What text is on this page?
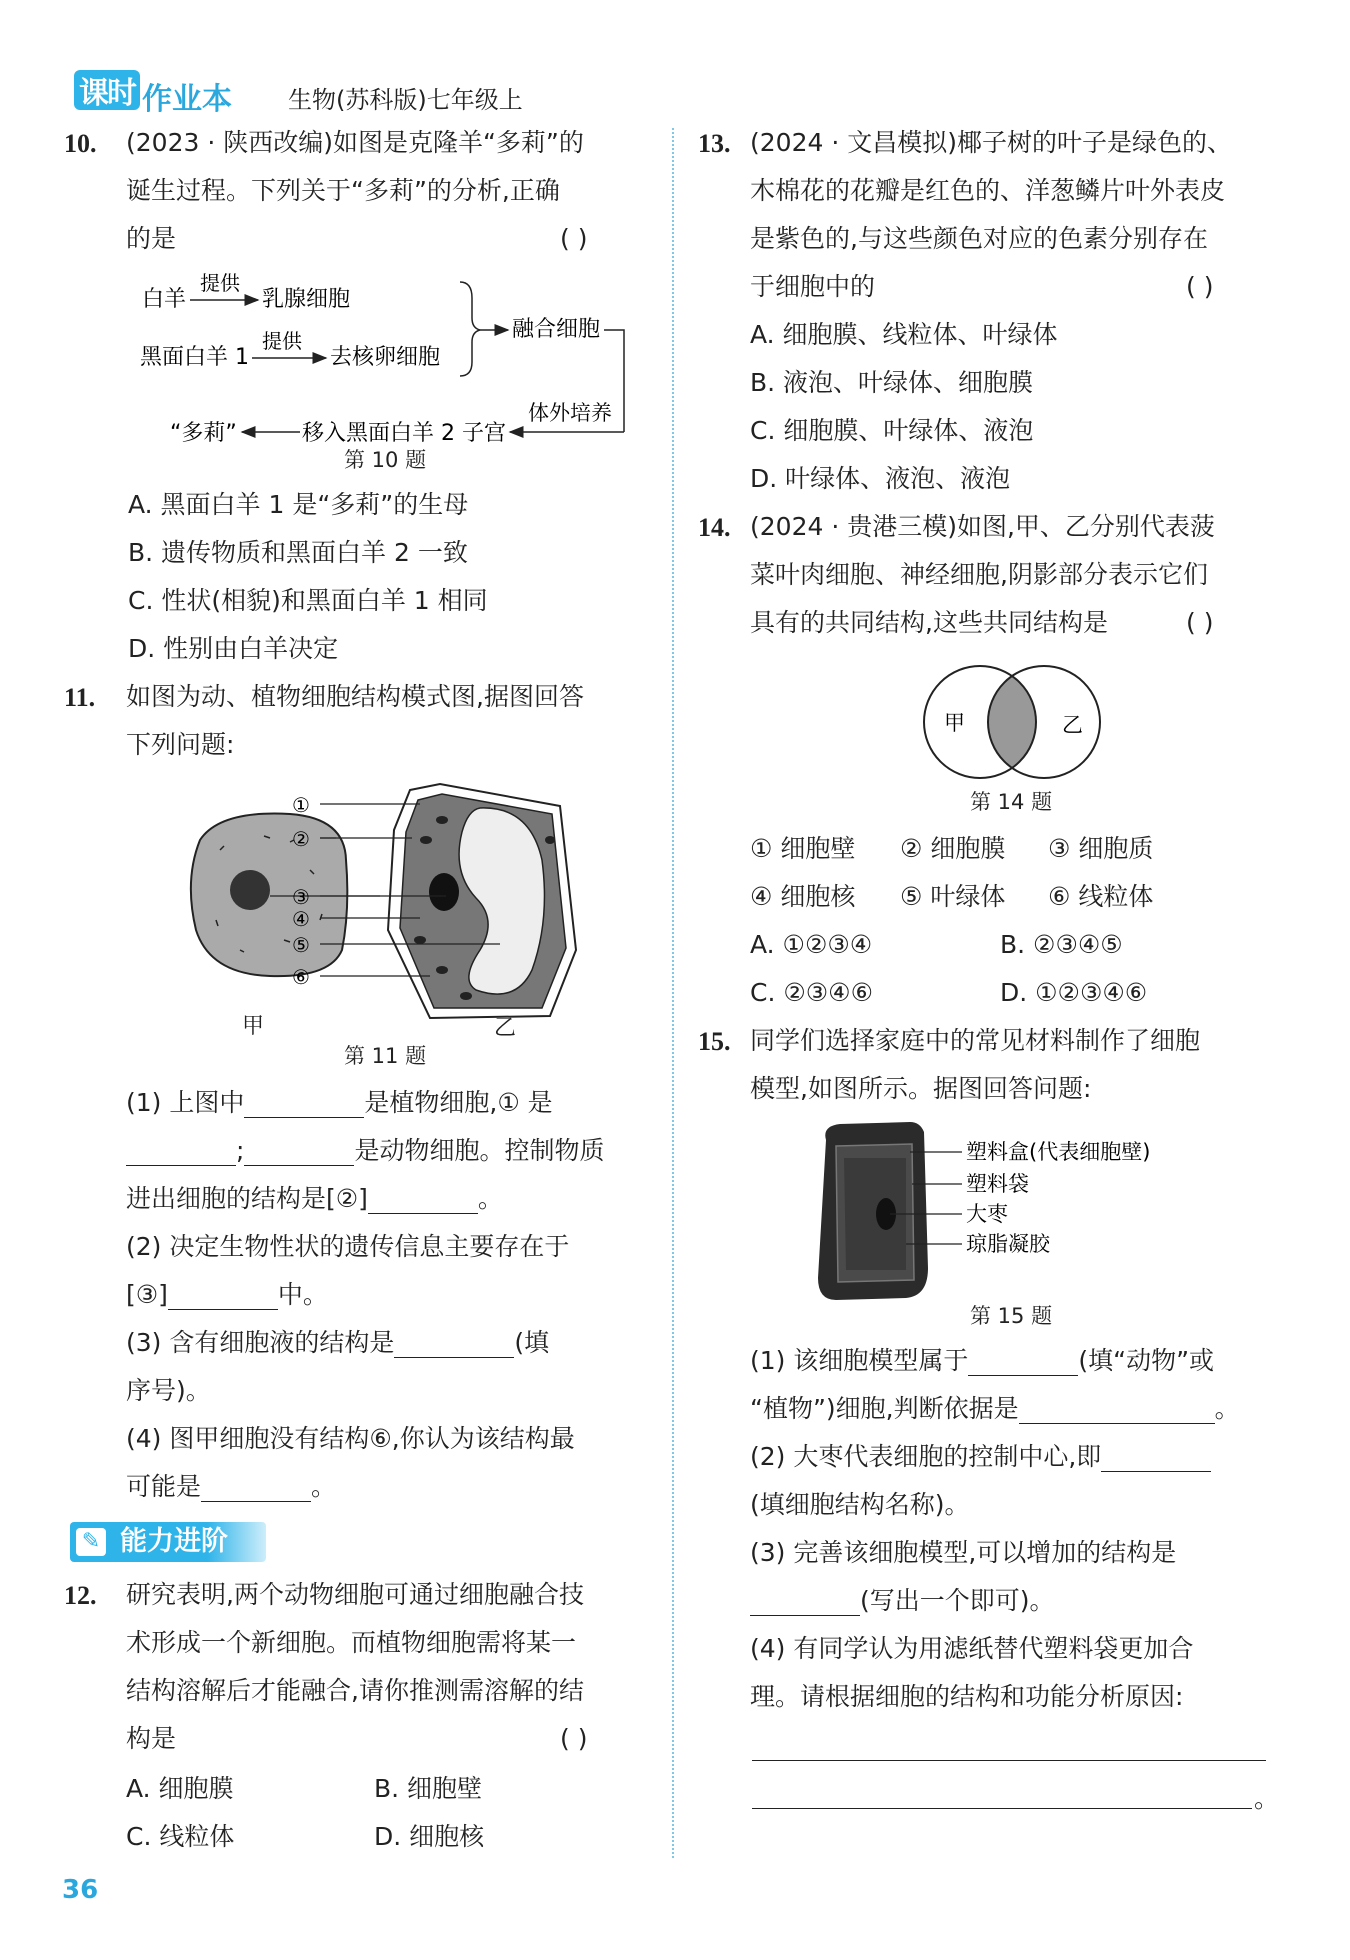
课时 作业本 生物(苏科版)七年级上
10. (2023 · 陕西改编)如图是克隆羊“多莉”的
诞生过程。下列关于“多莉”的分析,正确
的是	( )
白羊
提供
乳腺细胞
黑面白羊 1
提供
去核卵细胞
融合细胞
体外培养
移入黑面白羊 2 子宫
“多莉”
第 10 题
A. 黑面白羊 1 是“多莉”的生母
B. 遗传物质和黑面白羊 2 一致
C. 性状(相貌)和黑面白羊 1 相同
D. 性别由白羊决定
11. 如图为动、植物细胞结构模式图,据图回答
下列问题:
①
②
③
④
⑤
⑥
甲	乙
第 11 题
(1) 上图中	是植物细胞,① 是
;	是动物细胞。控制物质
进出细胞的结构是[②]	。
(2) 决定生物性状的遗传信息主要存在于
[③]	中。
(3) 含有细胞液的结构是	(填
序号)。
(4) 图甲细胞没有结构⑥,你认为该结构最
可能是	。
能力进阶
✎
12. 研究表明,两个动物细胞可通过细胞融合技
术形成一个新细胞。而植物细胞需将某一
结构溶解后才能融合,请你推测需溶解的结
构是	( )
A. 细胞膜	B. 细胞壁
C. 线粒体	D. 细胞核
13. (2024 · 文昌模拟)椰子树的叶子是绿色的、
木棉花的花瓣是红色的、洋葱鳞片叶外表皮
是紫色的,与这些颜色对应的色素分别存在
于细胞中的	( )
A. 细胞膜、线粒体、叶绿体
B. 液泡、叶绿体、细胞膜
C. 细胞膜、叶绿体、液泡
D. 叶绿体、液泡、液泡
14. (2024 · 贵港三模)如图,甲、乙分别代表菠
菜叶肉细胞、神经细胞,阴影部分表示它们
具有的共同结构,这些共同结构是	( )
甲	乙
第 14 题
① 细胞壁 ② 细胞膜 ③ 细胞质
④ 细胞核 ⑤ 叶绿体 ⑥ 线粒体
A. ①②③④	B. ②③④⑤
C. ②③④⑥	D. ①②③④⑥
15. 同学们选择家庭中的常见材料制作了细胞
模型,如图所示。据图回答问题:
塑料盒(代表细胞壁)
塑料袋
大枣
琼脂凝胶
第 15 题
(1) 该细胞模型属于	(填“动物”或
“植物”)细胞,判断依据是	。
(2) 大枣代表细胞的控制中心,即
(填细胞结构名称)。
(3) 完善该细胞模型,可以增加的结构是
(写出一个即可)。
(4) 有同学认为用滤纸替代塑料袋更加合
理。请根据细胞的结构和功能分析原因:
。
36
